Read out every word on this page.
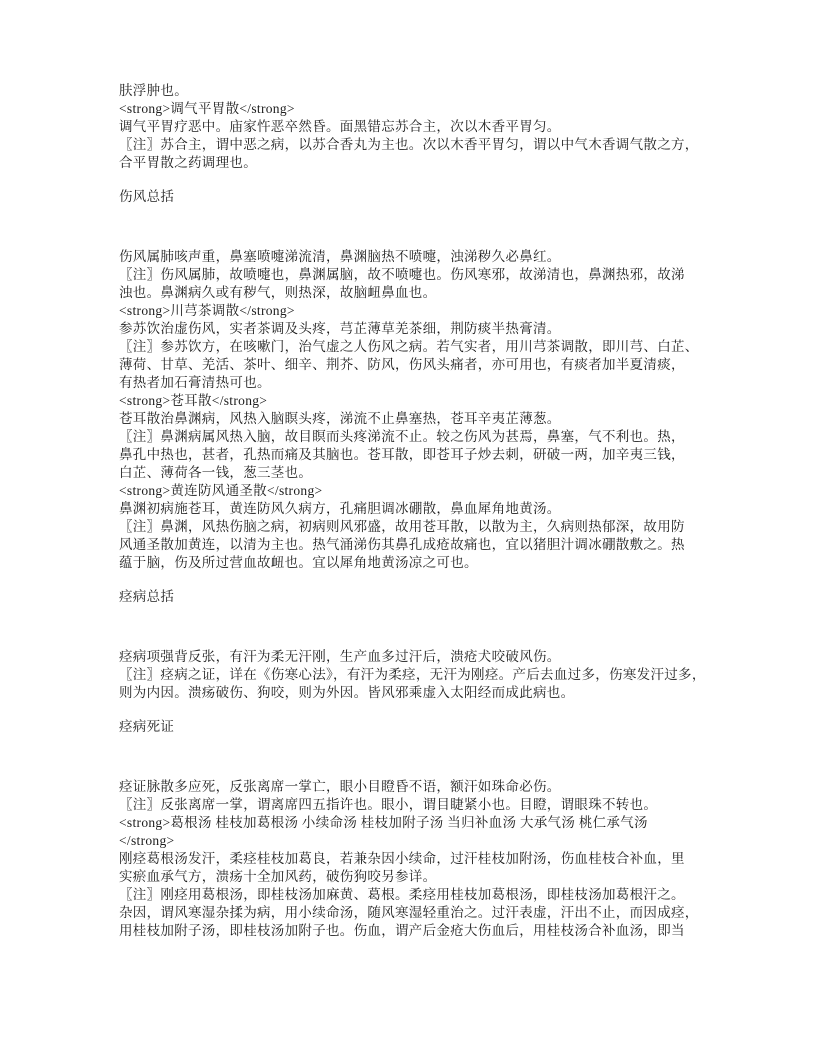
肤浮肿也。
<strong>调气平胃散</strong>
调气平胃疗恶中。庙家忤恶卒然昏。面黑错忘苏合主，次以木香平胃匀。
〖注〗苏合主，谓中恶之病，以苏合香丸为主也。次以木香平胃匀，谓以中气木香调气散之方，
合平胃散之药调理也。
伤风总括
伤风属肺咳声重，鼻塞喷嚏涕流清，鼻渊脑热不喷嚏，浊涕秽久必鼻红。
〖注〗伤风属肺，故喷嚏也，鼻渊属脑，故不喷嚏也。伤风寒邪，故涕清也，鼻渊热邪，故涕
浊也。鼻渊病久或有秽气，则热深，故脑衄鼻血也。
<strong>川芎茶调散</strong>
参苏饮治虚伤风，实者茶调及头疼，芎芷薄草羌茶细，荆防痰半热膏清。
〖注〗参苏饮方，在咳嗽门，治气虚之人伤风之病。若气实者，用川芎茶调散，即川芎、白芷、
薄荷、甘草、羌活、茶叶、细辛、荆芥、防风，伤风头痛者，亦可用也，有痰者加半夏清痰，
有热者加石膏清热可也。
<strong>苍耳散</strong>
苍耳散治鼻渊病，风热入脑瞑头疼，涕流不止鼻塞热，苍耳辛夷芷薄葱。
〖注〗鼻渊病属风热入脑，故目瞑而头疼涕流不止。较之伤风为甚焉，鼻塞，气不利也。热，
鼻孔中热也，甚者，孔热而痛及其脑也。苍耳散，即苍耳子炒去刺，研破一两，加辛夷三钱，
白芷、薄荷各一钱，葱三茎也。
<strong>黄连防风通圣散</strong>
鼻渊初病施苍耳，黄连防风久病方，孔痛胆调冰硼散，鼻血犀角地黄汤。
〖注〗鼻渊，风热伤脑之病，初病则风邪盛，故用苍耳散，以散为主，久病则热郁深，故用防
风通圣散加黄连，以清为主也。热气涌涕伤其鼻孔成疮故痛也，宜以猪胆汁调冰硼散敷之。热
蕴于脑，伤及所过营血故衄也。宜以犀角地黄汤凉之可也。
痉病总括
痉病项强背反张，有汗为柔无汗刚，生产血多过汗后，溃疮犬咬破风伤。
〖注〗痉病之证，详在《伤寒心法》，有汗为柔痉，无汗为刚痉。产后去血过多，伤寒发汗过多，
则为内因。溃疡破伤、狗咬，则为外因。皆风邪乘虚入太阳经而成此病也。
痉病死证
痉证脉散多应死，反张离席一掌亡，眼小目瞪昏不语，额汗如珠命必伤。
〖注〗反张离席一掌，谓离席四五指许也。眼小，谓目睫紧小也。目瞪，谓眼珠不转也。
<strong>葛根汤 桂枝加葛根汤 小续命汤 桂枝加附子汤 当归补血汤 大承气汤 桃仁承气汤
</strong>
刚痉葛根汤发汗，柔痉桂枝加葛良，若兼杂因小续命，过汗桂枝加附汤，伤血桂枝合补血，里
实瘀血承气方，溃疡十全加风药，破伤狗咬另参详。
〖注〗刚痉用葛根汤，即桂枝汤加麻黄、葛根。柔痉用桂枝加葛根汤，即桂枝汤加葛根汗之。
杂因，谓风寒湿杂揉为病，用小续命汤，随风寒湿轻重治之。过汗表虚，汗出不止，而因成痉，
用桂枝加附子汤，即桂枝汤加附子也。伤血，谓产后金疮大伤血后，用桂枝汤合补血汤，即当
